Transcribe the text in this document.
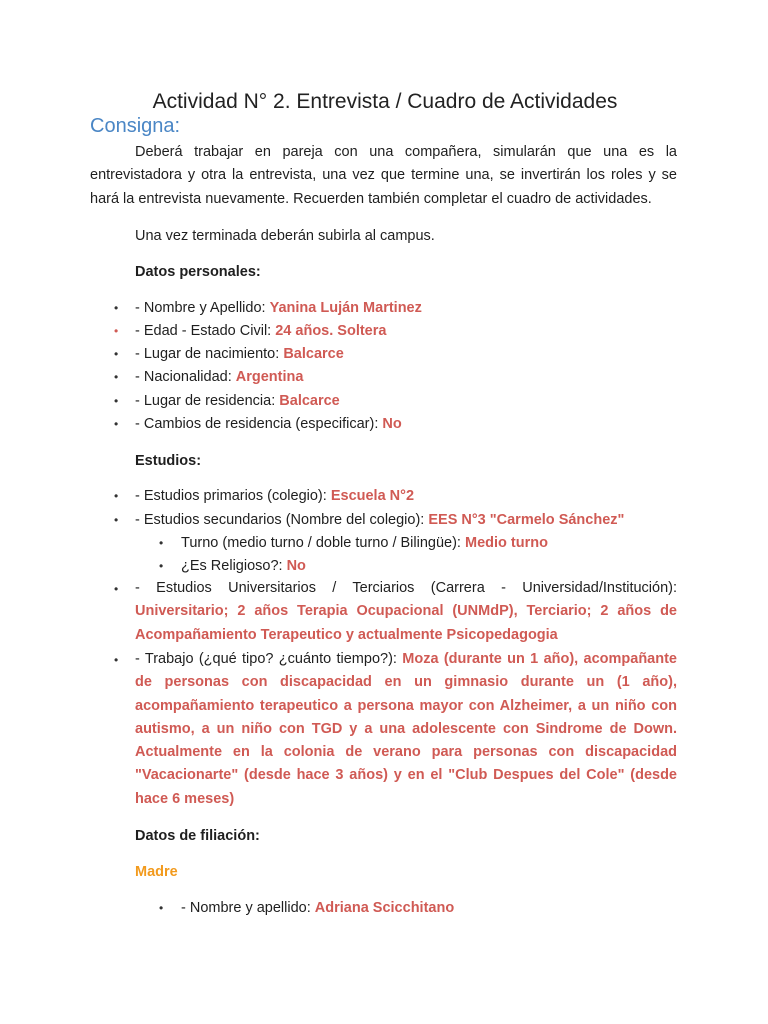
Actividad N° 2. Entrevista / Cuadro de Actividades
Consigna:

Deberá trabajar en pareja con una compañera, simularán que una es la entrevistadora y otra la entrevista, una vez que termine una, se invertirán los roles y se hará la entrevista nuevamente. Recuerden también completar el cuadro de actividades.

Una vez terminada deberán subirla al campus.
Datos personales:
• - Nombre y Apellido: Yanina Luján Martinez
• - Edad - Estado Civil: 24 años. Soltera
• - Lugar de nacimiento: Balcarce
• - Nacionalidad: Argentina
• - Lugar de residencia: Balcarce
• - Cambios de residencia (especificar): No
Estudios:
• - Estudios primarios (colegio): Escuela N°2
• - Estudios secundarios (Nombre del colegio): EES N°3 "Carmelo Sánchez"
• Turno (medio turno / doble turno / Bilingüe): Medio turno
• ¿Es Religioso?: No
• - Estudios Universitarios / Terciarios (Carrera - Universidad/Institución): Universitario; 2 años Terapia Ocupacional (UNMdP), Terciario; 2 años de Acompañamiento Terapeutico y actualmente Psicopedagogia

• - Trabajo (¿qué tipo? ¿cuánto tiempo?): Moza (durante un 1 año), acompañante de personas con discapacidad en un gimnasio durante un (1 año), acompañamiento terapeutico a persona mayor con Alzheimer, a un niño con autismo, a un niño con TGD y a una adolescente con Sindrome de Down. Actualmente en la colonia de verano para personas con discapacidad "Vacacionarte" (desde hace 3 años) y en el "Club Despues del Cole" (desde hace 6 meses)

Datos de filiación:
Madre
• - Nombre y apellido: Adriana Scicchitano
